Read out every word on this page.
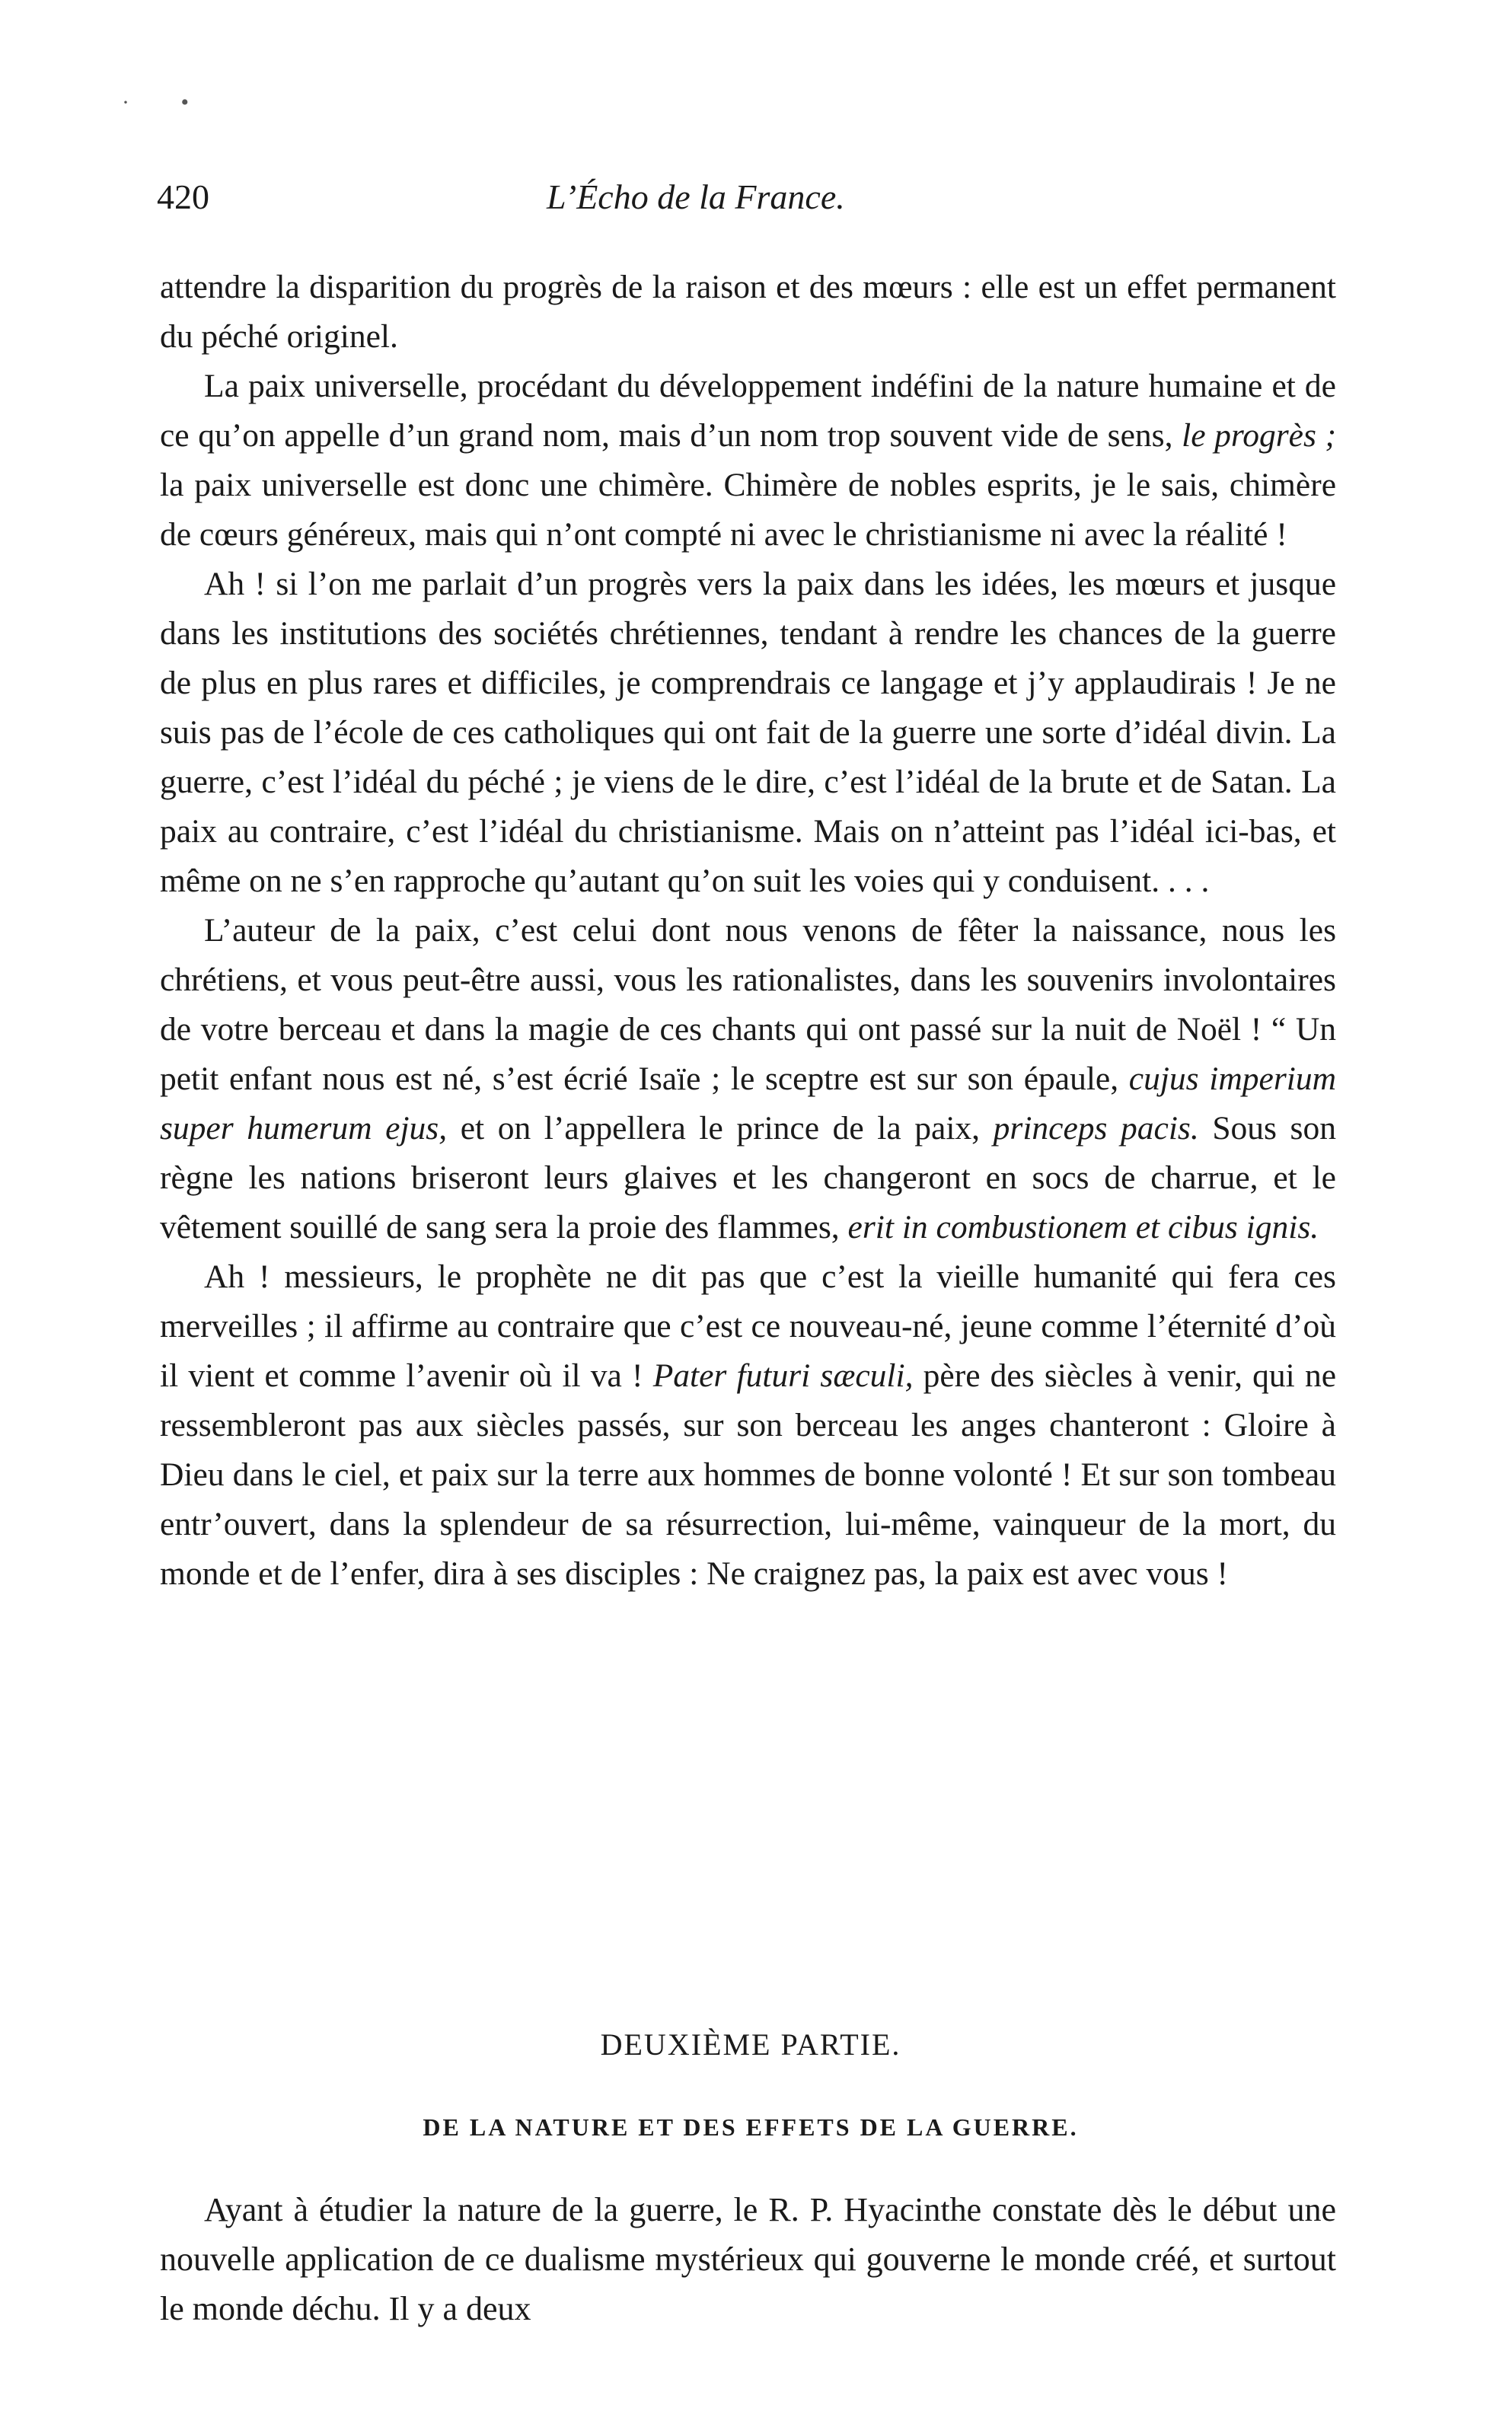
· •
420	L’Écho de la France.

attendre la disparition du progrès de la raison et des mœurs : elle est un effet permanent du péché originel.

La paix universelle, procédant du développement indéfini de la nature humaine et de ce qu’on appelle d’un grand nom, mais d’un nom trop souvent vide de sens, le progrès ; la paix universelle est donc une chimère. Chimère de nobles esprits, je le sais, chimère de cœurs généreux, mais qui n’ont compté ni avec le christianisme ni avec la réalité !

Ah ! si l’on me parlait d’un progrès vers la paix dans les idées, les mœurs et jusque dans les institutions des sociétés chrétiennes, tendant à rendre les chances de la guerre de plus en plus rares et difficiles, je comprendrais ce langage et j’y applaudirais ! Je ne suis pas de l’école de ces catholiques qui ont fait de la guerre une sorte d’idéal divin. La guerre, c’est l’idéal du péché ; je viens de le dire, c’est l’idéal de la brute et de Satan. La paix au contraire, c’est l’idéal du christianisme. Mais on n’atteint pas l’idéal ici-bas, et même on ne s’en rapproche qu’autant qu’on suit les voies qui y conduisent. . . .

L’auteur de la paix, c’est celui dont nous venons de fêter la naissance, nous les chrétiens, et vous peut-être aussi, vous les rationalistes, dans les souvenirs involontaires de votre berceau et dans la magie de ces chants qui ont passé sur la nuit de Noël ! “ Un petit enfant nous est né, s’est écrié Isaïe ; le sceptre est sur son épaule, cujus imperium super humerum ejus, et on l’appellera le prince de la paix, princeps pacis. Sous son règne les nations briseront leurs glaives et les changeront en socs de charrue, et le vêtement souillé de sang sera la proie des flammes, erit in combustionem et cibus ignis.

Ah ! messieurs, le prophète ne dit pas que c’est la vieille humanité qui fera ces merveilles ; il affirme au contraire que c’est ce nouveau-né, jeune comme l’éternité d’où il vient et comme l’avenir où il va ! Pater futuri sæculi, père des siècles à venir, qui ne ressembleront pas aux siècles passés, sur son berceau les anges chanteront : Gloire à Dieu dans le ciel, et paix sur la terre aux hommes de bonne volonté ! Et sur son tombeau entr’ouvert, dans la splendeur de sa résurrection, lui-même, vainqueur de la mort, du monde et de l’enfer, dira à ses disciples : Ne craignez pas, la paix est avec vous !

DEUXIÈME PARTIE.
DE LA NATURE ET DES EFFETS DE LA GUERRE.

Ayant à étudier la nature de la guerre, le R. P. Hyacinthe constate dès le début une nouvelle application de ce dualisme mystérieux qui gouverne le monde créé, et surtout le monde déchu. Il y a deux
